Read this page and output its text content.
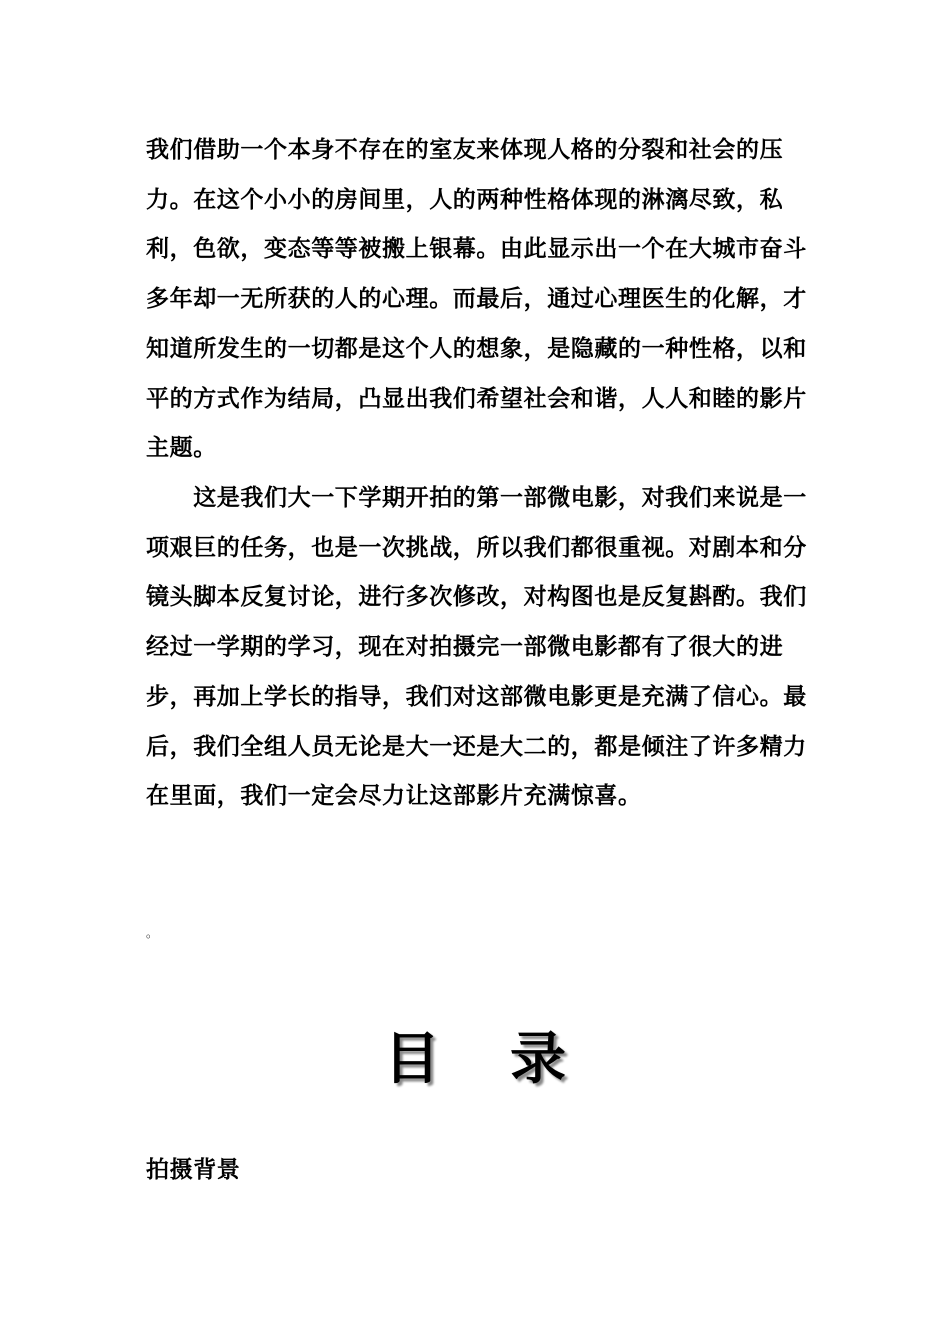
我们借助一个本身不存在的室友来体现人格的分裂和社会的压力。在这个小小的房间里，人的两种性格体现的淋漓尽致，私利，色欲，变态等等被搬上银幕。由此显示出一个在大城市奋斗多年却一无所获的人的心理。而最后，通过心理医生的化解，才知道所发生的一切都是这个人的想象，是隐藏的一种性格，以和平的方式作为结局，凸显出我们希望社会和谐，人人和睦的影片主题。

　　这是我们大一下学期开拍的第一部微电影，对我们来说是一项艰巨的任务，也是一次挑战，所以我们都很重视。对剧本和分镜头脚本反复讨论，进行多次修改，对构图也是反复斟酌。我们经过一学期的学习，现在对拍摄完一部微电影都有了很大的进步，再加上学长的指导，我们对这部微电影更是充满了信心。最后，我们全组人员无论是大一还是大二的，都是倾注了许多精力在里面，我们一定会尽力让这部影片充满惊喜。

。
目 录
拍摄背景
